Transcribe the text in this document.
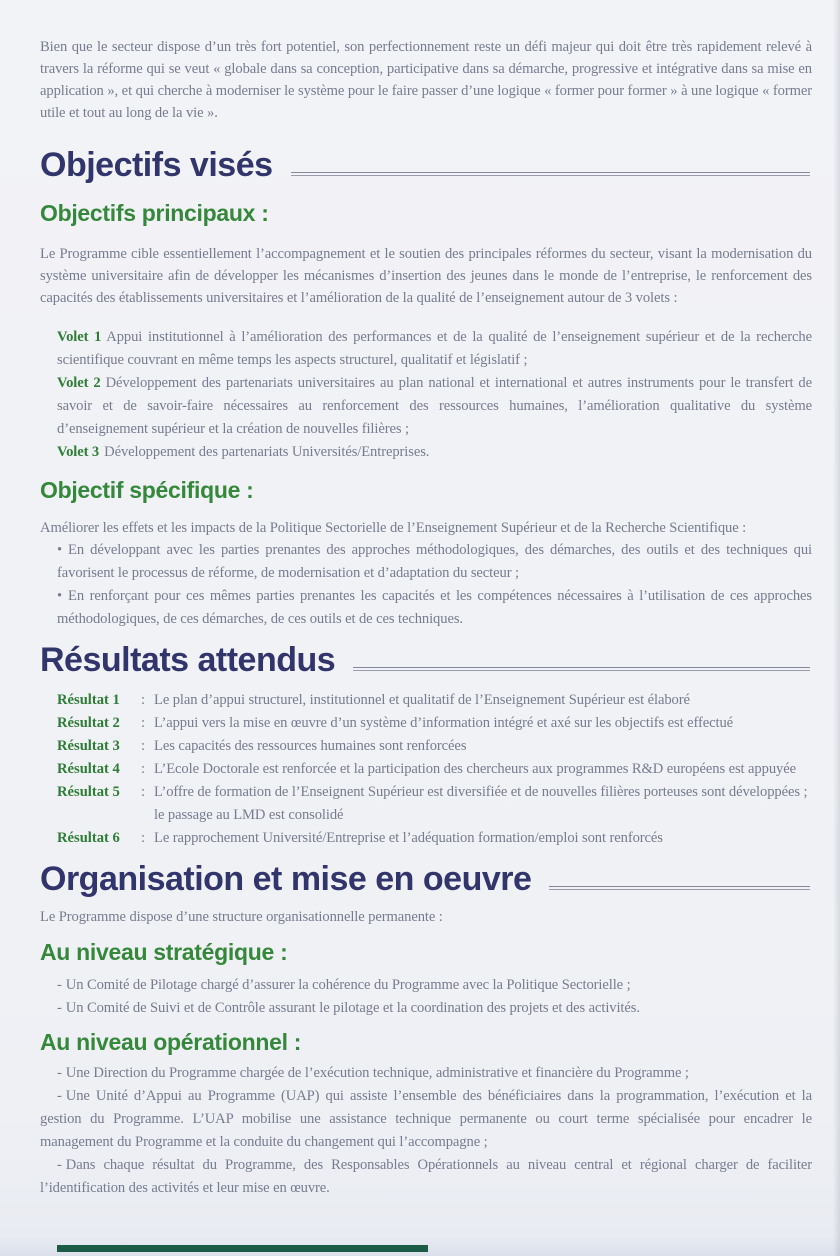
Bien que le secteur dispose d’un très fort potentiel, son perfectionnement reste un défi majeur qui doit être très rapidement relevé à travers la réforme qui se veut « globale dans sa conception, participative dans sa démarche, progressive et intégrative dans sa mise en application », et qui cherche à moderniser le système pour le faire passer d’une logique « former pour former » à une logique « former utile et tout au long de la vie ».

Objectifs visés
Objectifs principaux :

Le Programme cible essentiellement l’accompagnement et le soutien des principales réformes du secteur, visant la modernisation du système universitaire afin de développer les mécanismes d’insertion des jeunes dans le monde de l’entreprise, le renforcement des capacités des établissements universitaires et l’amélioration de la qualité de l’enseignement autour de 3 volets :

Volet 1 Appui institutionnel à l’amélioration des performances et de la qualité de l’enseignement supérieur et de la recherche scientifique couvrant en même temps les aspects structurel, qualitatif et législatif ;

Volet 2 Développement des partenariats universitaires au plan national et international et autres instruments pour le transfert de savoir et de savoir-faire nécessaires au renforcement des ressources humaines, l’amélioration qualitative du système d’enseignement supérieur et la création de nouvelles filières ;

Volet 3 Développement des partenariats Universités/Entreprises.

Objectif spécifique :

Améliorer les effets et les impacts de la Politique Sectorielle de l’Enseignement Supérieur et de la Recherche Scientifique :

• En développant avec les parties prenantes des approches méthodologiques, des démarches, des outils et des techniques qui favorisent le processus de réforme, de modernisation et d’adaptation du secteur ;

• En renforçant pour ces mêmes parties prenantes les capacités et les compétences nécessaires à l’utilisation de ces approches méthodologiques, de ces démarches, de ces outils et de ces techniques.

Résultats attendus
Résultat 1	: Le plan d’appui structurel, institutionnel et qualitatif de l’Enseignement Supérieur est élaboré
Résultat 2	: L’appui vers la mise en œuvre d’un système d’information intégré et axé sur les objectifs est effectué
Résultat 3	: Les capacités des ressources humaines sont renforcées
Résultat 4	: L’Ecole Doctorale est renforcée et la participation des chercheurs aux programmes R&D européens est appuyée
Résultat 5	: L’offre de formation de l’Enseignent Supérieur est diversifiée et de nouvelles filières porteuses sont développées ; le passage au LMD est consolidé
Résultat 6	: Le rapprochement Université/Entreprise et l’adéquation formation/emploi sont renforcés
Organisation et mise en oeuvre

Le Programme dispose d’une structure organisationnelle permanente :

Au niveau stratégique :

- Un Comité de Pilotage chargé d’assurer la cohérence du Programme avec la Politique Sectorielle ;

- Un Comité de Suivi et de Contrôle assurant le pilotage et la coordination des projets et des activités.

Au niveau opérationnel :

- Une Direction du Programme chargée de l’exécution technique, administrative et financière du Programme ;

- Une Unité d’Appui au Programme (UAP) qui assiste l’ensemble des bénéficiaires dans la programmation, l’exécution et la gestion du Programme. L’UAP mobilise une assistance technique permanente ou court terme spécialisée pour encadrer le management du Programme et la conduite du changement qui l’accompagne ;

- Dans chaque résultat du Programme, des Responsables Opérationnels au niveau central et régional charger de faciliter l’identification des activités et leur mise en œuvre.
